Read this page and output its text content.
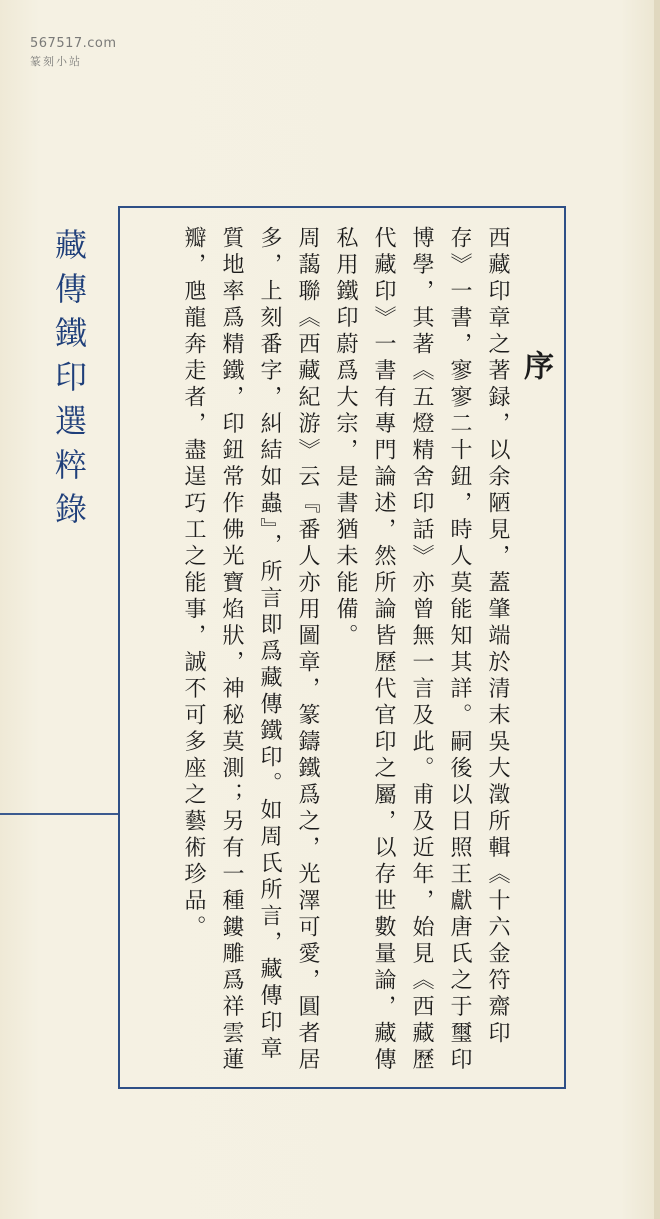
567517.com
篆刻小站
藏傳鐵印選粹錄	序

西藏印章之著録，以余陋見，蓋肇端於清末吳大澂所輯《十六金符齋印存》一書，寥寥二十鈕，時人莫能知其詳。嗣後以日照王獻唐氏之于璽印博學，其著《五燈精舍印話》亦曾無一言及此。甫及近年，始見《西藏歷代藏印》一書有專門論述，然所論皆歷代官印之屬，以存世數量論，藏傳私用鐵印蔚爲大宗，是書猶未能備。

周藹聯《西藏紀游》云『番人亦用圖章，篆鑄鐵爲之，光澤可愛，圓者居多，上刻番字，糾結如蟲』，所言即爲藏傳鐵印。如周氏所言，藏傳印章質地率爲精鐵，印鈕常作佛光寶焰狀，神秘莫測；另有一種鏤雕爲祥雲蓮瓣，虺龍奔走者，盡逞巧工之能事，誠不可多座之藝術珍品。
